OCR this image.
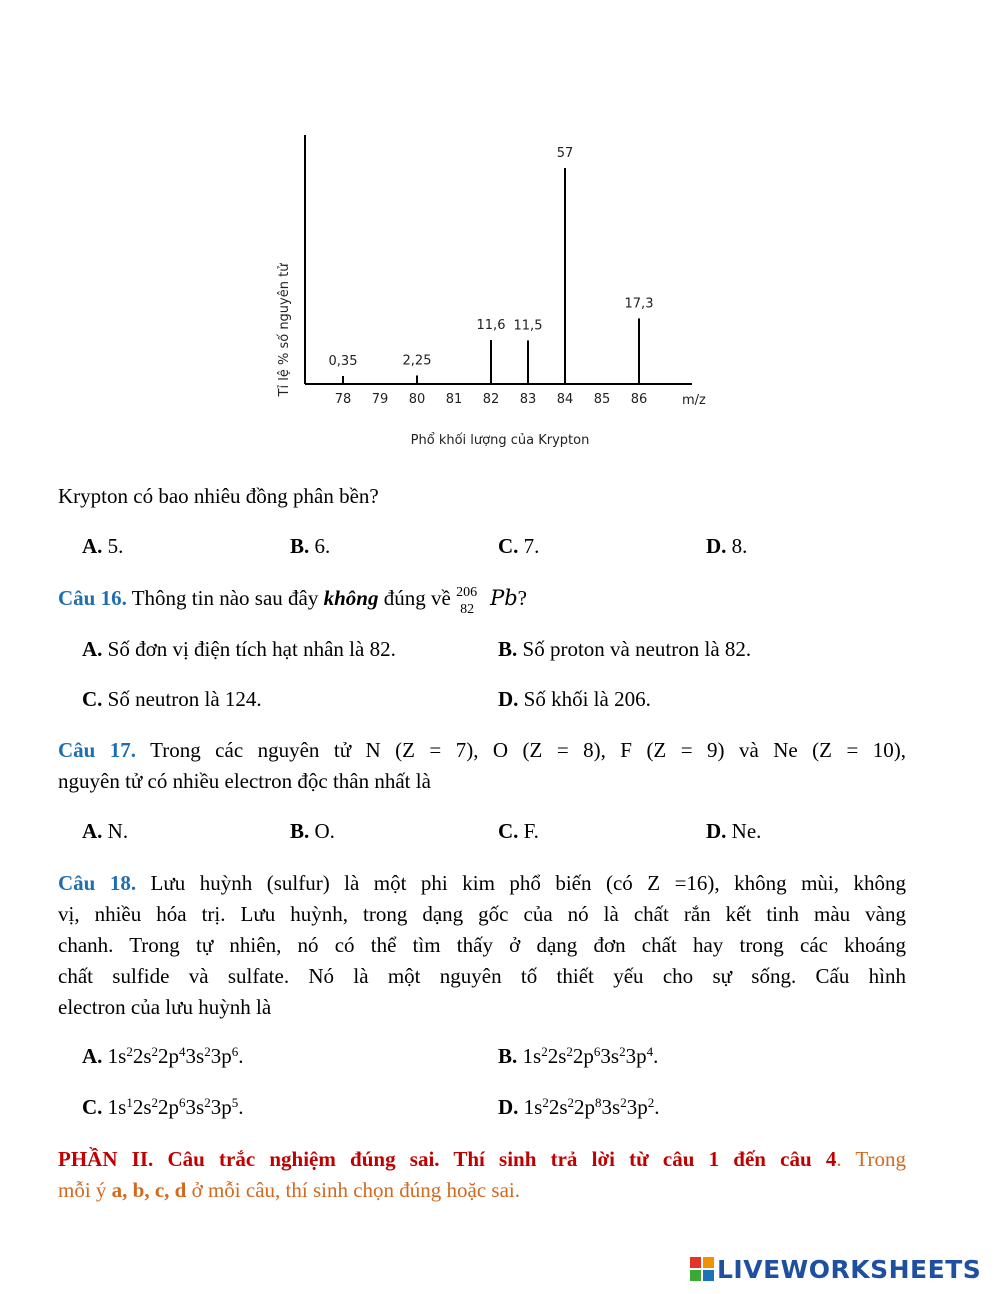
0,35	2,25
11,6 11,5
57
17,3
78 79 80 81 82 83 84 85 86	m/z
Tỉ lệ % số nguyên tử
Phổ khối lượng của Krypton
Krypton có bao nhiêu đồng phân bền?
A. 5.	B. 6.	C. 7.	D. 8.
Câu 16. Thông tin nào sau đây không đúng về 206
82 Pb?
A. Số đơn vị điện tích hạt nhân là 82.	B. Số proton và neutron là 82.
C. Số neutron là 124.	D. Số khối là 206.
Câu 17. Trong các nguyên tử N (Z = 7), O (Z = 8), F (Z = 9) và Ne (Z = 10),
nguyên tử có nhiều electron độc thân nhất là
A. N.	B. O.	C. F.	D. Ne.
Câu 18. Lưu huỳnh (sulfur) là một phi kim phổ biến (có Z =16), không mùi, không
vị, nhiều hóa trị. Lưu huỳnh, trong dạng gốc của nó là chất rắn kết tinh màu vàng
chanh. Trong tự nhiên, nó có thể tìm thấy ở dạng đơn chất hay trong các khoáng
chất sulfide và sulfate. Nó là một nguyên tố thiết yếu cho sự sống. Cấu hình
electron của lưu huỳnh là
A. $1s^22s^22p^43s^23p^6$.	B. $1s^22s^22p^63s^23p^4$.
C. $1s^12s^22p^63s^23p^5$.	D. $1s^22s^22p^83s^23p^2$.
PHẦN II. Câu trắc nghiệm đúng sai. Thí sinh trả lời từ câu 1 đến câu 4. Trong
mỗi ý a, b, c, d ở mỗi câu, thí sinh chọn đúng hoặc sai.
LIVEWORKSHEETS
